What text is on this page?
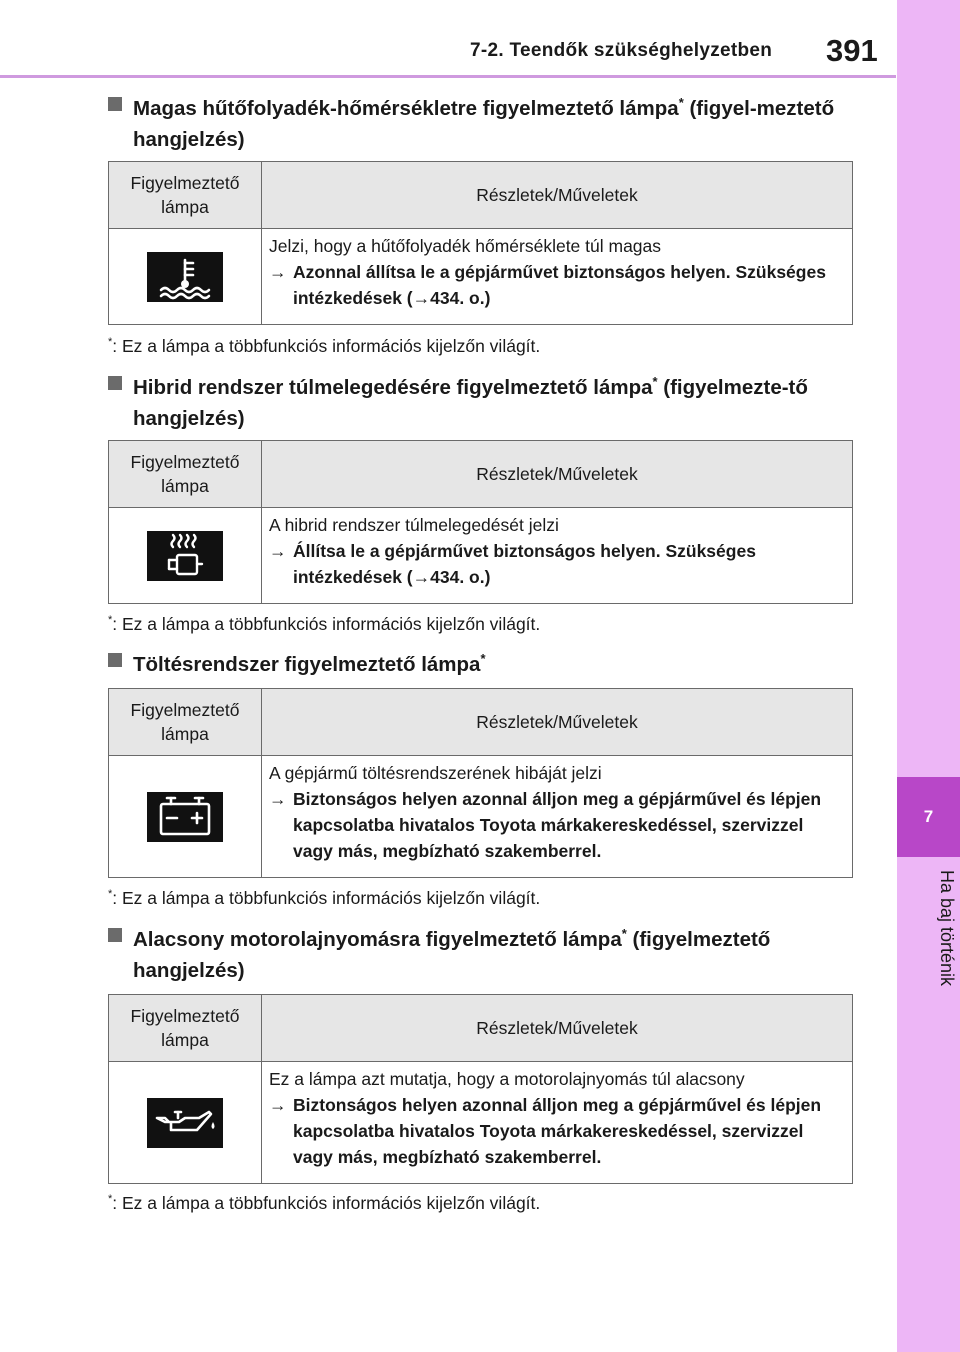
7-2. Teendők szükséghelyzetben 391
7
Ha baj történik
Magas hűtőfolyadék-hőmérsékletre figyelmeztető lámpa* (figyel-meztető hangjelzés)
Figyelmeztető lámpa	Részletek/Műveletek

Jelzi, hogy a hűtőfolyadék hőmérséklete túl magas
→ Azonnal állítsa le a gépjárművet biztonságos helyen. Szükséges intézkedések (→434. o.)
*: Ez a lámpa a többfunkciós információs kijelzőn világít.
Hibrid rendszer túlmelegedésére figyelmeztető lámpa* (figyelmezte-tő hangjelzés)
Figyelmeztető lámpa	Részletek/Műveletek

A hibrid rendszer túlmelegedését jelzi
→ Állítsa le a gépjárművet biztonságos helyen. Szükséges intézkedések (→434. o.)
*: Ez a lámpa a többfunkciós információs kijelzőn világít.
Töltésrendszer figyelmeztető lámpa*
Figyelmeztető lámpa	Részletek/Műveletek

A gépjármű töltésrendszerének hibáját jelzi
→ Biztonságos helyen azonnal álljon meg a gépjárművel és lépjen kapcsolatba hivatalos Toyota márkakereskedéssel, szervizzel vagy más, megbízható szakemberrel.
*: Ez a lámpa a többfunkciós információs kijelzőn világít.
Alacsony motorolajnyomásra figyelmeztető lámpa* (figyelmeztető hangjelzés)
Figyelmeztető lámpa	Részletek/Műveletek

Ez a lámpa azt mutatja, hogy a motorolajnyomás túl alacsony
→ Biztonságos helyen azonnal álljon meg a gépjárművel és lépjen kapcsolatba hivatalos Toyota márkakereskedéssel, szervizzel vagy más, megbízható szakemberrel.
*: Ez a lámpa a többfunkciós információs kijelzőn világít.
